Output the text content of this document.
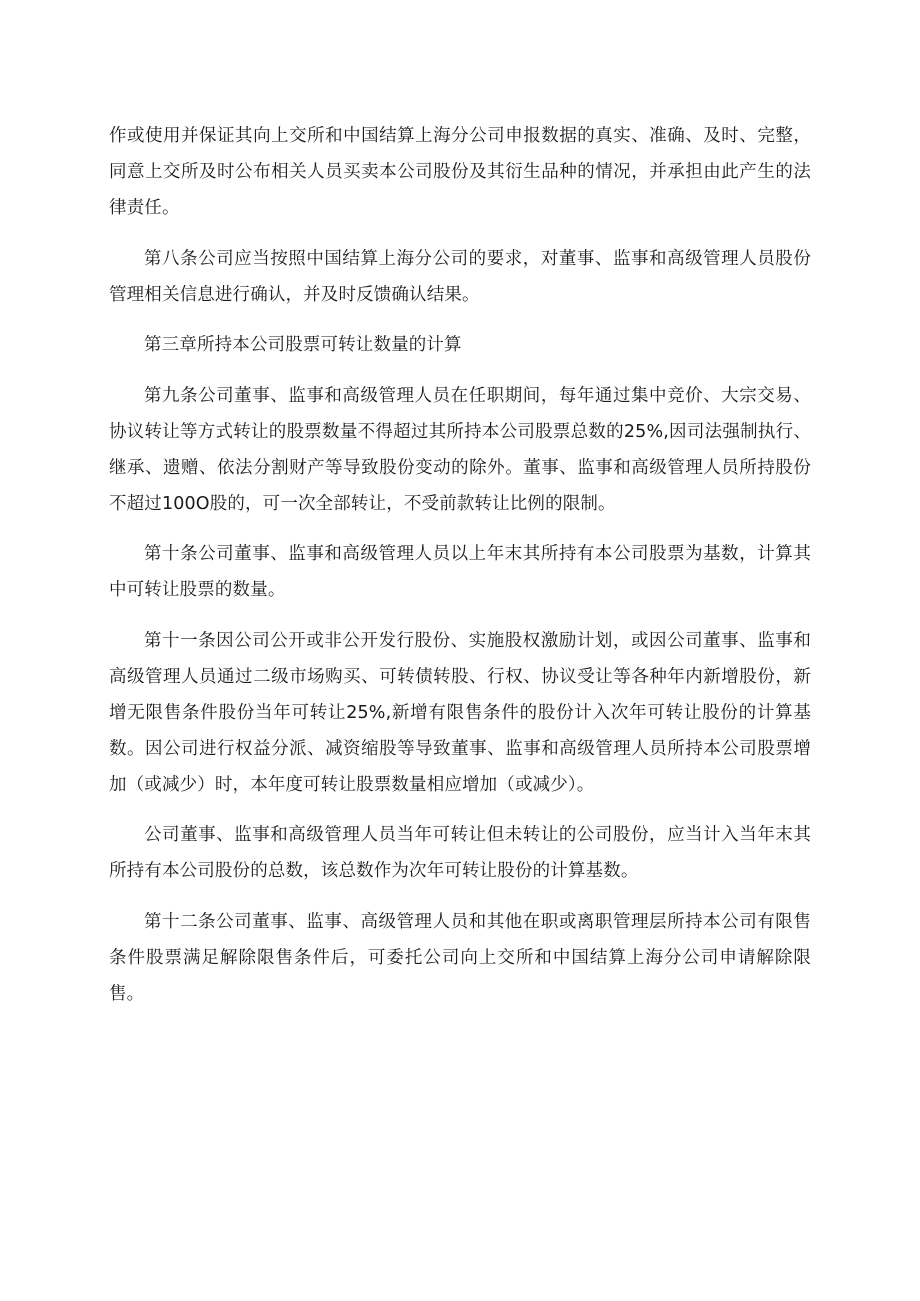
作或使用并保证其向上交所和中国结算上海分公司申报数据的真实、准确、及时、完整，同意上交所及时公布相关人员买卖本公司股份及其衍生品种的情况，并承担由此产生的法律责任。

第八条公司应当按照中国结算上海分公司的要求，对董事、监事和高级管理人员股份管理相关信息进行确认，并及时反馈确认结果。

第三章所持本公司股票可转让数量的计算

第九条公司董事、监事和高级管理人员在任职期间，每年通过集中竞价、大宗交易、协议转让等方式转让的股票数量不得超过其所持本公司股票总数的25%,因司法强制执行、继承、遗赠、依法分割财产等导致股份变动的除外。董事、监事和高级管理人员所持股份不超过100O股的，可一次全部转让，不受前款转让比例的限制。

第十条公司董事、监事和高级管理人员以上年末其所持有本公司股票为基数，计算其中可转让股票的数量。

第十一条因公司公开或非公开发行股份、实施股权激励计划，或因公司董事、监事和高级管理人员通过二级市场购买、可转债转股、行权、协议受让等各种年内新增股份，新增无限售条件股份当年可转让25%,新增有限售条件的股份计入次年可转让股份的计算基数。因公司进行权益分派、减资缩股等导致董事、监事和高级管理人员所持本公司股票增加（或减少）时，本年度可转让股票数量相应增加（或减少）。

公司董事、监事和高级管理人员当年可转让但未转让的公司股份，应当计入当年末其所持有本公司股份的总数，该总数作为次年可转让股份的计算基数。

第十二条公司董事、监事、高级管理人员和其他在职或离职管理层所持本公司有限售条件股票满足解除限售条件后，可委托公司向上交所和中国结算上海分公司申请解除限售。
